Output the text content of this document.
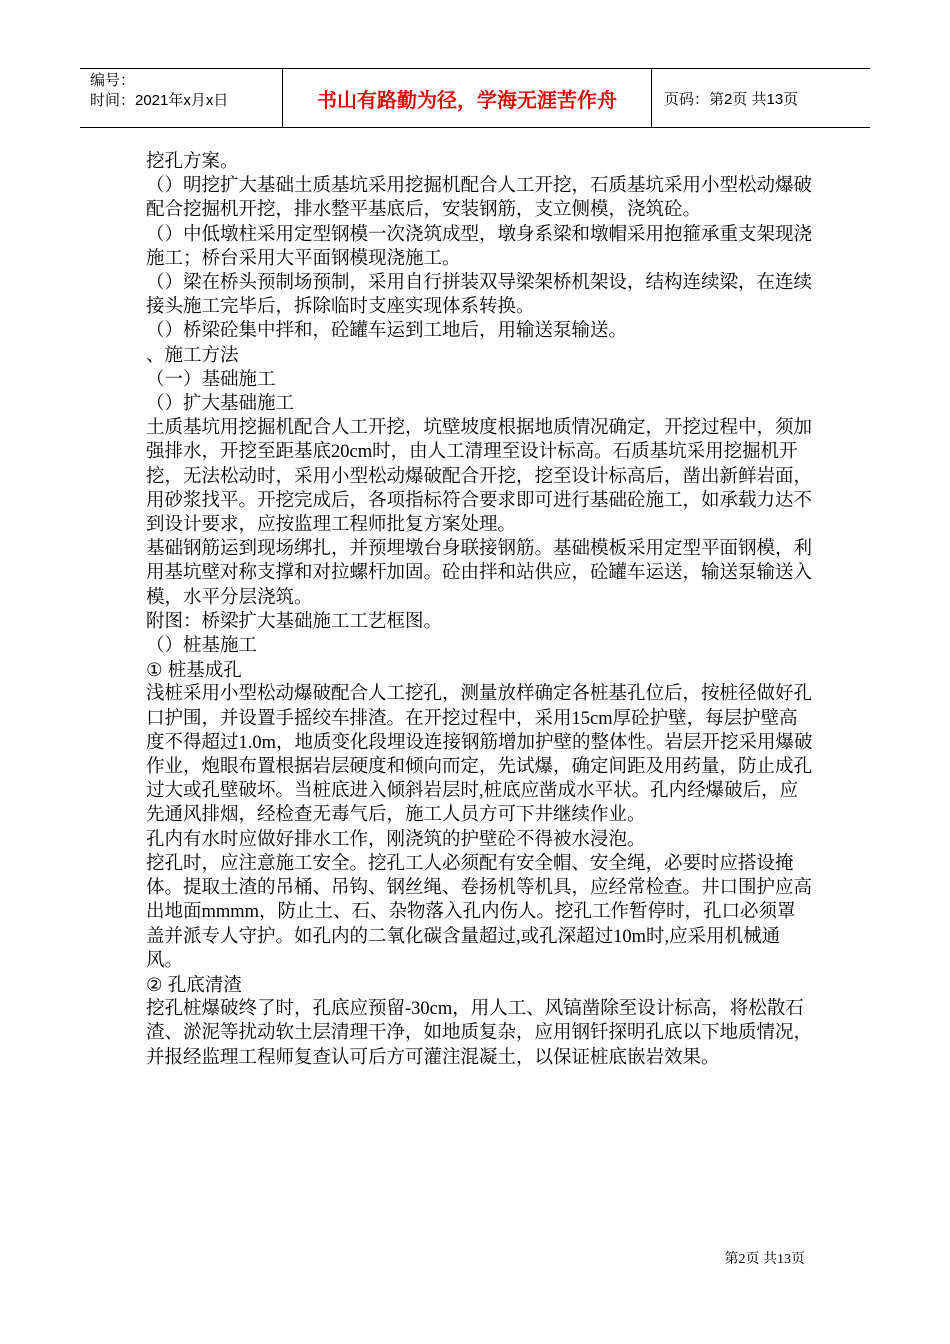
编号：
时间：2021年x月x日	书山有路勤为径，学海无涯苦作舟	页码：第2页 共13页

挖孔方案。

（）明挖扩大基础土质基坑采用挖掘机配合人工开挖，石质基坑采用小型松动爆破配合挖掘机开挖，排水整平基底后，安装钢筋，支立侧模，浇筑砼。

（）中低墩柱采用定型钢模一次浇筑成型，墩身系梁和墩帽采用抱箍承重支架现浇施工；桥台采用大平面钢模现浇施工。

（）梁在桥头预制场预制，采用自行拼装双导梁架桥机架设，结构连续梁，在连续接头施工完毕后，拆除临时支座实现体系转换。

（）桥梁砼集中拌和，砼罐车运到工地后，用输送泵输送。

、施工方法

（一）基础施工

（）扩大基础施工

土质基坑用挖掘机配合人工开挖，坑壁坡度根据地质情况确定，开挖过程中，须加强排水，开挖至距基底20cm时，由人工清理至设计标高。石质基坑采用挖掘机开挖，无法松动时，采用小型松动爆破配合开挖，挖至设计标高后，凿出新鲜岩面，用砂浆找平。开挖完成后，各项指标符合要求即可进行基础砼施工，如承载力达不到设计要求，应按监理工程师批复方案处理。

基础钢筋运到现场绑扎，并预埋墩台身联接钢筋。基础模板采用定型平面钢模，利用基坑壁对称支撑和对拉螺杆加固。砼由拌和站供应，砼罐车运送，输送泵输送入模，水平分层浇筑。

附图：桥梁扩大基础施工工艺框图。

（）桩基施工

① 桩基成孔

浅桩采用小型松动爆破配合人工挖孔，测量放样确定各桩基孔位后，按桩径做好孔口护围，并设置手摇绞车排渣。在开挖过程中，采用15cm厚砼护壁，每层护壁高度不得超过1.0m，地质变化段埋设连接钢筋增加护壁的整体性。岩层开挖采用爆破作业，炮眼布置根据岩层硬度和倾向而定，先试爆，确定间距及用药量，防止成孔过大或孔壁破坏。当桩底进入倾斜岩层时,桩底应凿成水平状。孔内经爆破后，应先通风排烟，经检查无毒气后，施工人员方可下井继续作业。

孔内有水时应做好排水工作，刚浇筑的护壁砼不得被水浸泡。

挖孔时，应注意施工安全。挖孔工人必须配有安全帽、安全绳，必要时应搭设掩体。提取土渣的吊桶、吊钩、钢丝绳、卷扬机等机具，应经常检查。井口围护应高出地面mmmm，防止土、石、杂物落入孔内伤人。挖孔工作暂停时，孔口必须罩盖并派专人守护。如孔内的二氧化碳含量超过,或孔深超过10m时,应采用机械通风。

② 孔底清渣

挖孔桩爆破终了时，孔底应预留-30cm，用人工、风镐凿除至设计标高，将松散石渣、淤泥等扰动软土层清理干净，如地质复杂，应用钢钎探明孔底以下地质情况，并报经监理工程师复查认可后方可灌注混凝土，以保证桩底嵌岩效果。

第2页 共13页
